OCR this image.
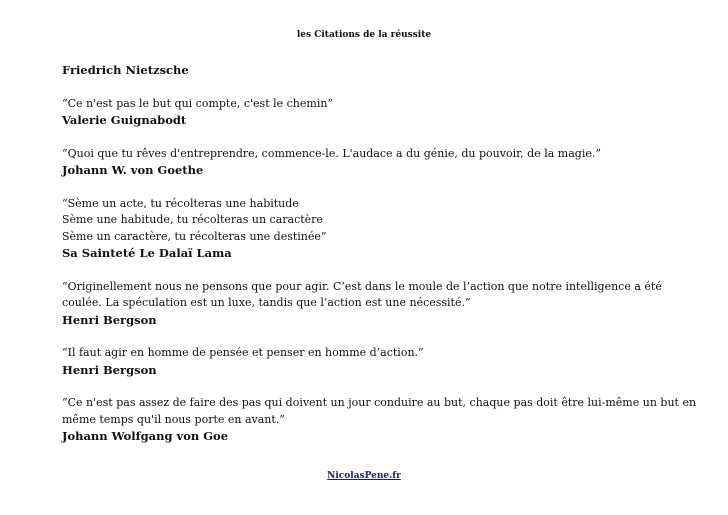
les Citations de la réussite
Friedrich Nietzsche
“Ce n'est pas le but qui compte, c'est le chemin”
Valerie Guignabodt
“Quoi que tu rêves d'entreprendre, commence-le. L'audace a du génie, du pouvoir, de la magie.”
Johann W. von Goethe
“Sème un acte, tu récolteras une habitude
Sème une habitude, tu récolteras un caractère
Sème un caractère, tu récolteras une destinée”
Sa Sainteté Le Dalaï Lama
“Originellement nous ne pensons que pour agir. C’est dans le moule de l’action que notre intelligence a été
coulée. La spéculation est un luxe, tandis que l’action est une nécessité.”
Henri Bergson
“Il faut agir en homme de pensée et penser en homme d’action.”
Henri Bergson
“Ce n'est pas assez de faire des pas qui doivent un jour conduire au but, chaque pas doit être lui-même un but en
même temps qu'il nous porte en avant.”
Johann Wolfgang von Goe
NicolasPene.fr
